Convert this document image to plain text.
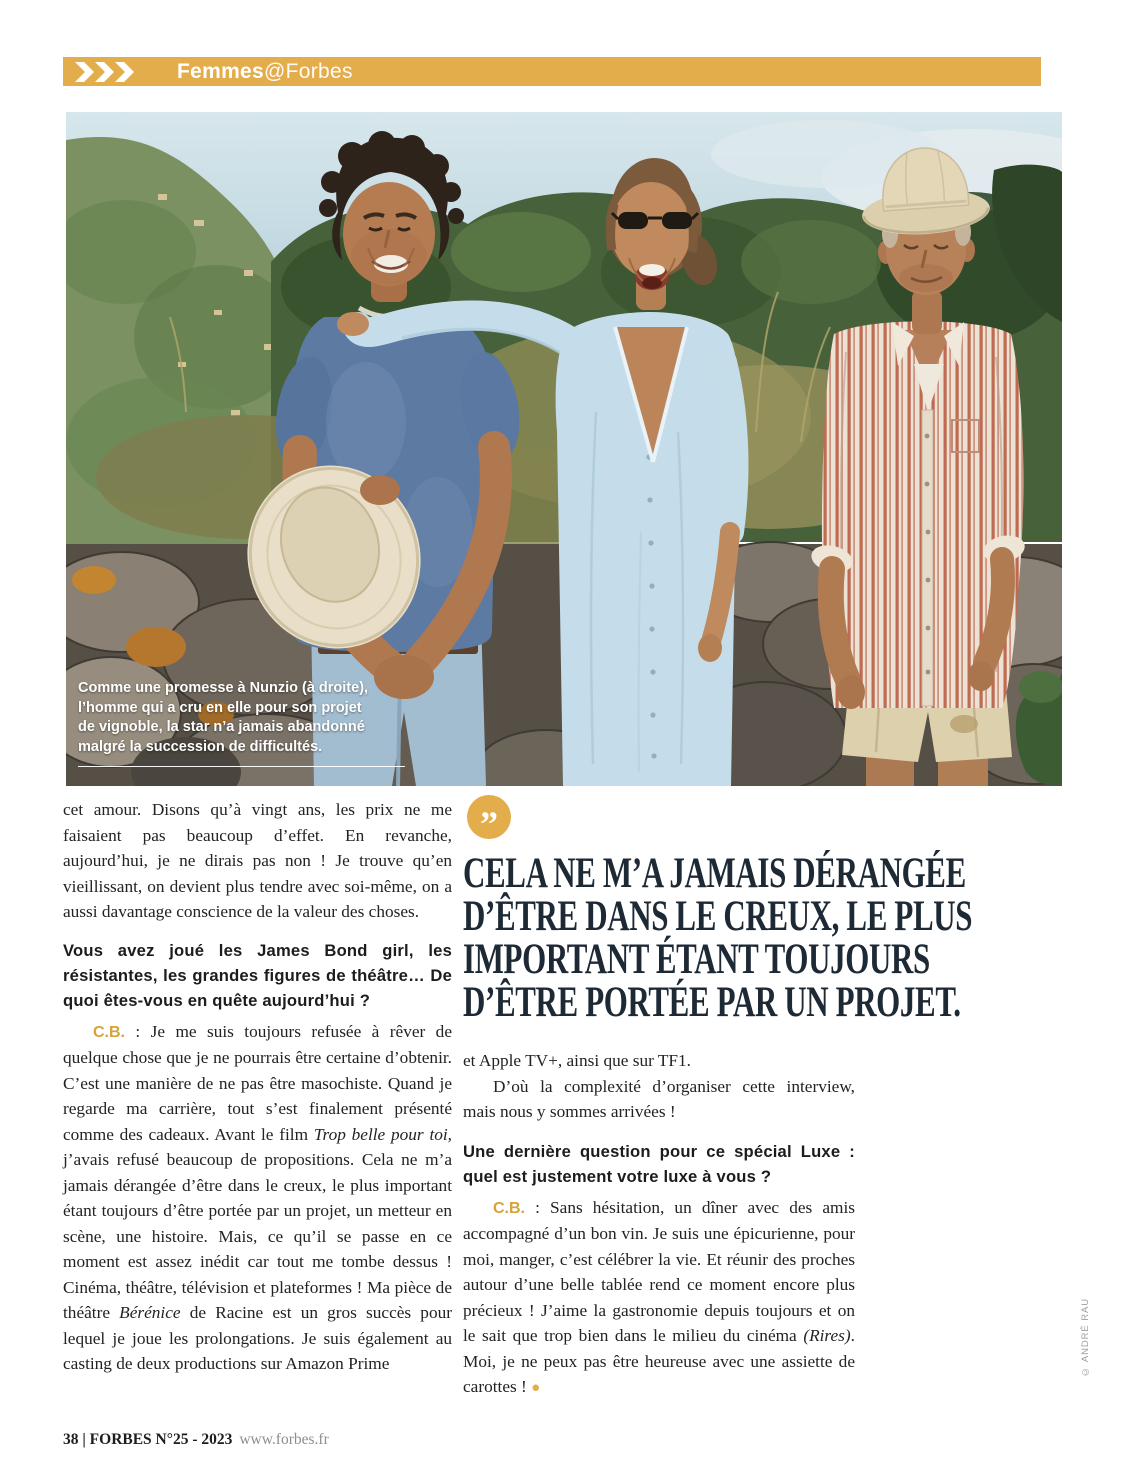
Femmes@Forbes
Comme une promesse à Nunzio (à droite),
l’homme qui a cru en elle pour son projet
de vignoble, la star n’a jamais abandonné
malgré la succession de difficultés.

cet amour. Disons qu’à vingt ans, les prix ne me faisaient pas beaucoup d’effet. En revanche, aujourd’hui, je ne dirais pas non ! Je trouve qu’en vieillissant, on devient plus tendre avec soi-même, on a aussi davantage conscience de la valeur des choses.

Vous avez joué les James Bond girl, les résistantes, les grandes figures de théâtre… De quoi êtes-vous en quête aujourd’hui ?

C.B. : Je me suis toujours refusée à rêver de quelque chose que je ne pourrais être certaine d’obtenir. C’est une manière de ne pas être masochiste. Quand je regarde ma carrière, tout s’est finalement présenté comme des cadeaux. Avant le film Trop belle pour toi, j’avais refusé beaucoup de propositions. Cela ne m’a jamais dérangée d’être dans le creux, le plus important étant toujours d’être portée par un projet, un metteur en scène, une histoire. Mais, ce qu’il se passe en ce moment est assez inédit car tout me tombe dessus ! Cinéma, théâtre, télévision et plateformes ! Ma pièce de théâtre Bérénice de Racine est un gros succès pour lequel je joue les prolongations. Je suis également au casting de deux productions sur Amazon Prime

”
CELA NE M’A JAMAIS DÉRANGÉE
D’ÊTRE DANS LE CREUX, LE PLUS
IMPORTANT ÉTANT TOUJOURS
D’ÊTRE PORTÉE PAR UN PROJET.

et Apple TV+, ainsi que sur TF1.

D’où la complexité d’organiser cette interview, mais nous y sommes arrivées !

Une dernière question pour ce spécial Luxe : quel est justement votre luxe à vous ?

C.B. : Sans hésitation, un dîner avec des amis accompagné d’un bon vin. Je suis une épicurienne, pour moi, manger, c’est célébrer la vie. Et réunir des proches autour d’une belle tablée rend ce moment encore plus précieux ! J’aime la gastronomie depuis toujours et on le sait que trop bien dans le milieu du cinéma (Rires). Moi, je ne peux pas être heureuse avec une assiette de carottes ! ●

© ANDRÉ RAU
38 | FORBES N°25 - 2023 www.forbes.fr
